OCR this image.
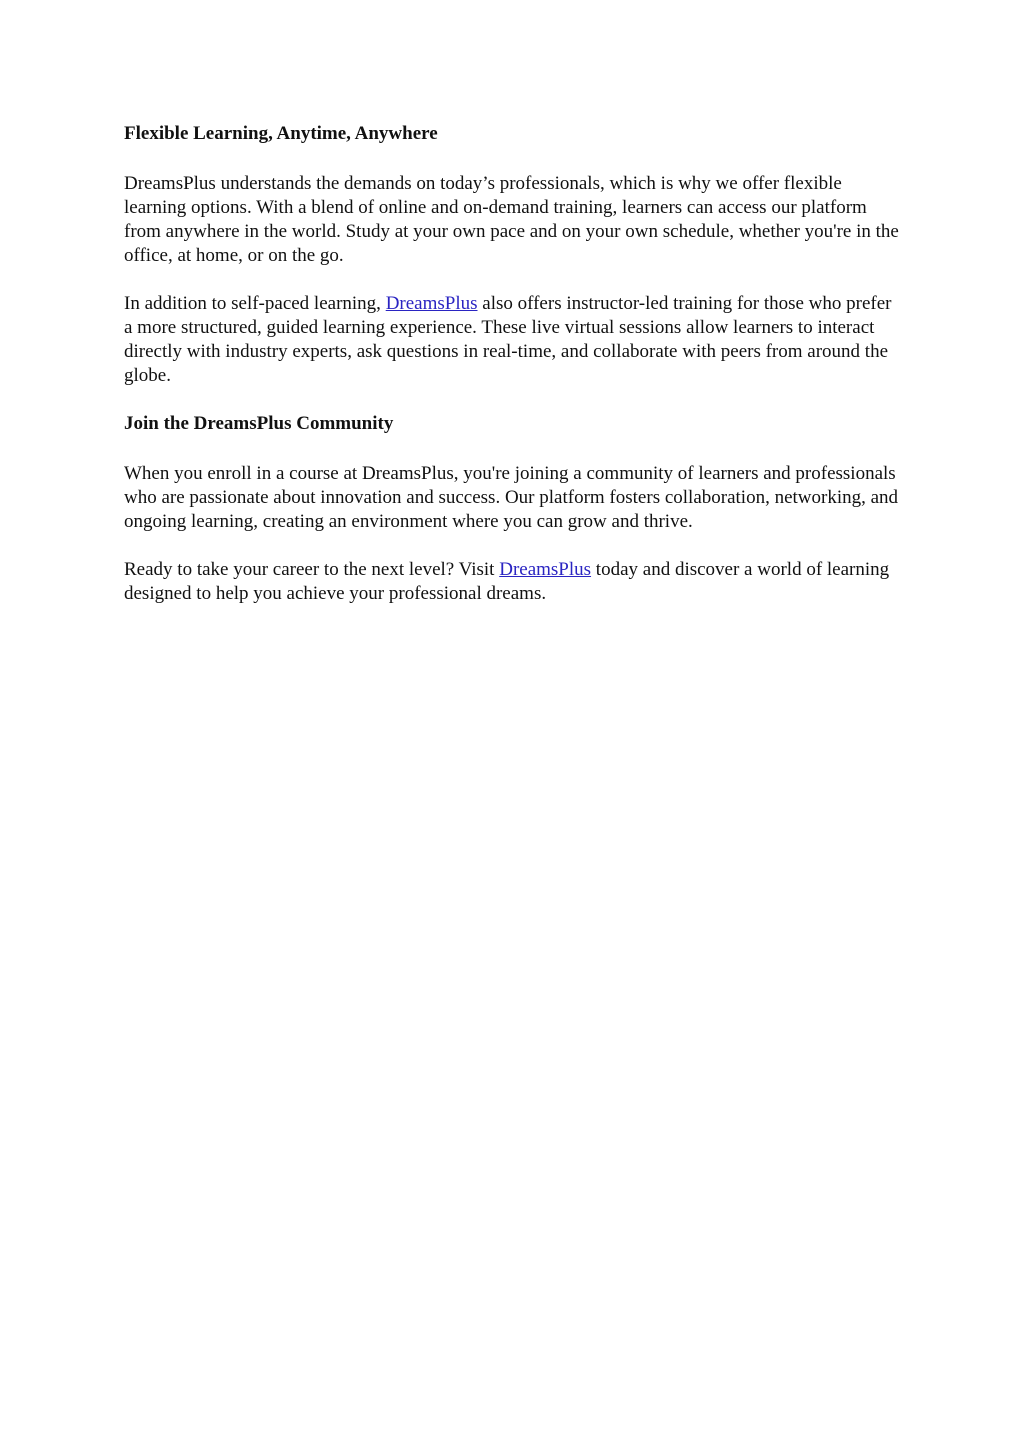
Flexible Learning, Anytime, Anywhere

DreamsPlus understands the demands on today’s professionals, which is why we offer flexible learning options. With a blend of online and on-demand training, learners can access our platform from anywhere in the world. Study at your own pace and on your own schedule, whether you're in the office, at home, or on the go.

In addition to self-paced learning, DreamsPlus also offers instructor-led training for those who prefer a more structured, guided learning experience. These live virtual sessions allow learners to interact directly with industry experts, ask questions in real-time, and collaborate with peers from around the globe.

Join the DreamsPlus Community

When you enroll in a course at DreamsPlus, you're joining a community of learners and professionals who are passionate about innovation and success. Our platform fosters collaboration, networking, and ongoing learning, creating an environment where you can grow and thrive.

Ready to take your career to the next level? Visit DreamsPlus today and discover a world of learning designed to help you achieve your professional dreams.
